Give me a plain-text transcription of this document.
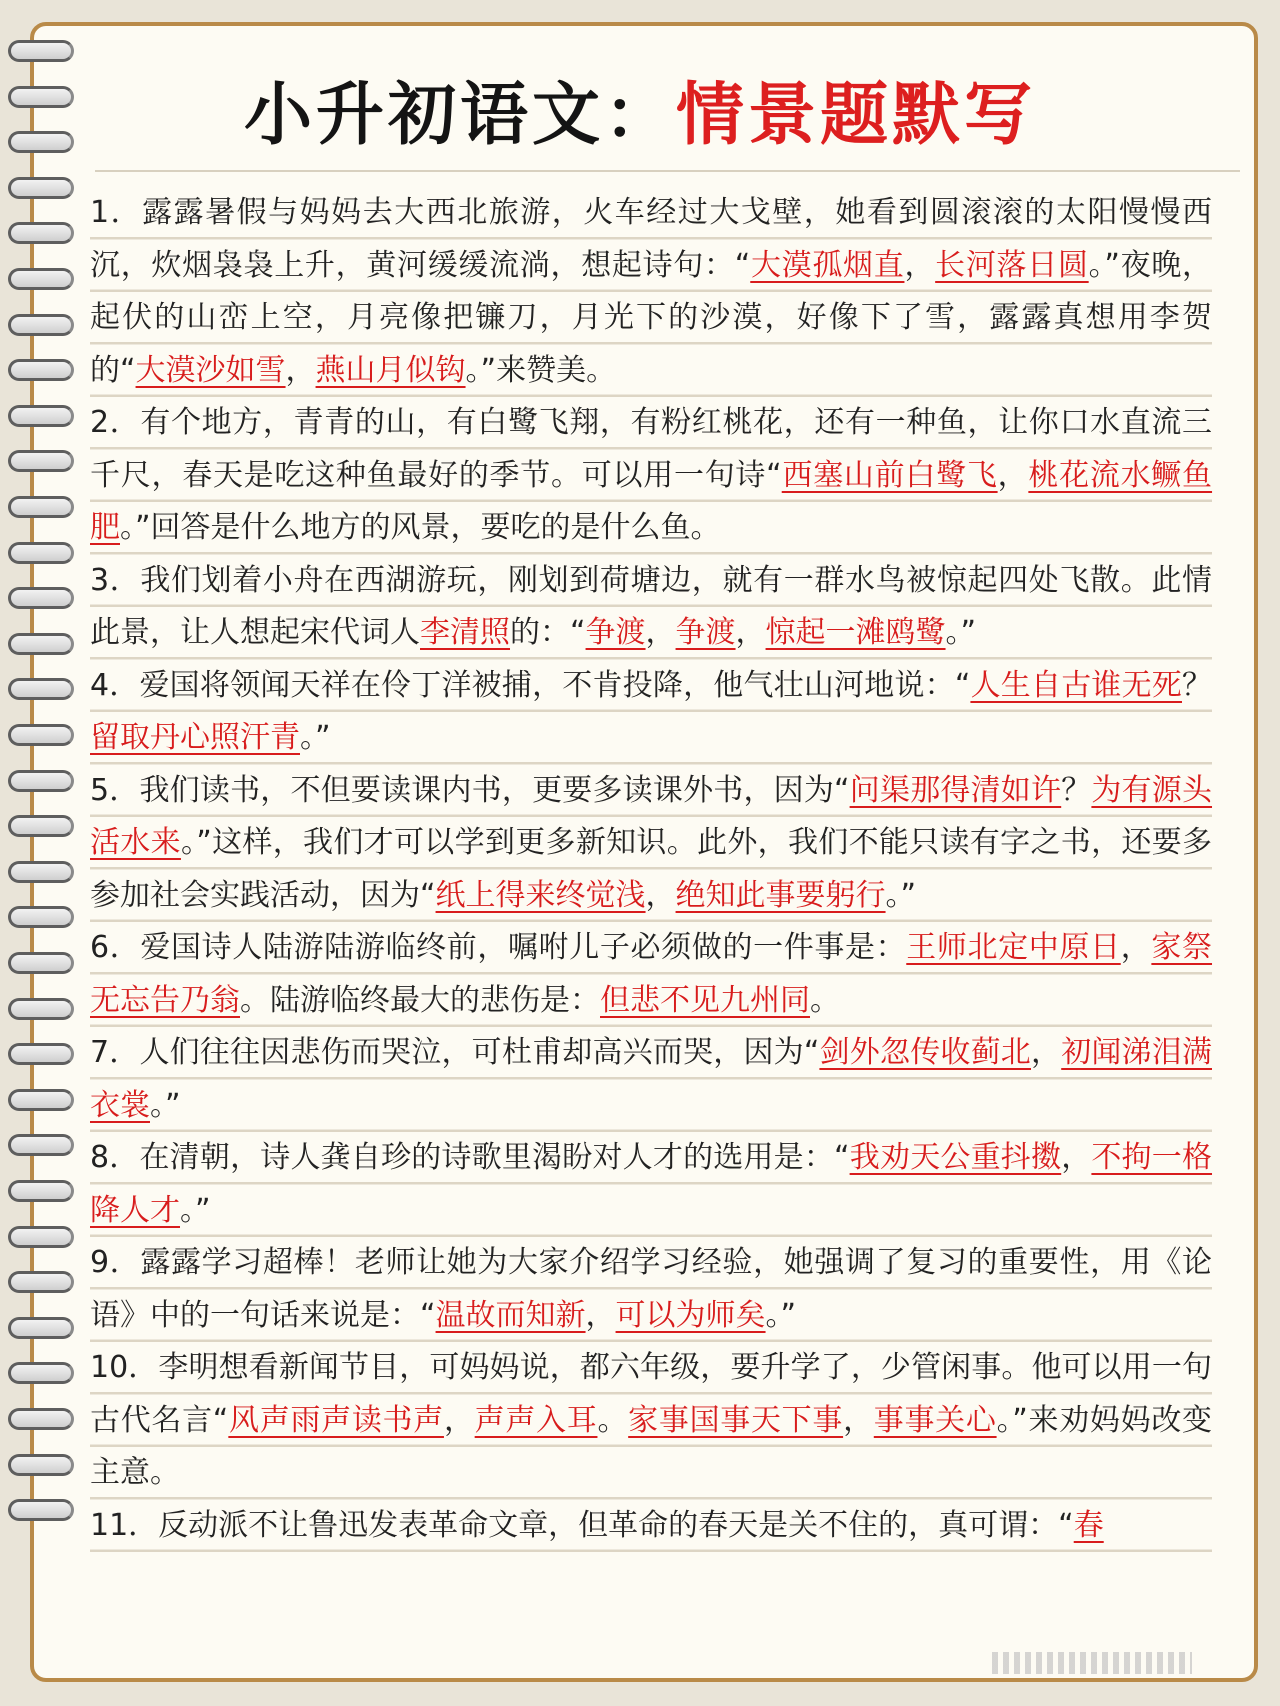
小升初语文：情景题默写

1．露露暑假与妈妈去大西北旅游，火车经过大戈壁，她看到圆滚滚的太阳慢慢西沉，炊烟袅袅上升，黄河缓缓流淌，想起诗句：“大漠孤烟直，长河落日圆。”夜晚，起伏的山峦上空，月亮像把镰刀，月光下的沙漠，好像下了雪，露露真想用李贺的“大漠沙如雪，燕山月似钩。”来赞美。

2．有个地方，青青的山，有白鹭飞翔，有粉红桃花，还有一种鱼，让你口水直流三千尺，春天是吃这种鱼最好的季节。可以用一句诗“西塞山前白鹭飞，桃花流水鳜鱼肥。”回答是什么地方的风景，要吃的是什么鱼。

3．我们划着小舟在西湖游玩，刚划到荷塘边，就有一群水鸟被惊起四处飞散。此情此景，让人想起宋代词人李清照的：“争渡，争渡，惊起一滩鸥鹭。”

4．爱国将领闻天祥在伶丁洋被捕，不肯投降，他气壮山河地说：“人生自古谁无死？留取丹心照汗青。”

5．我们读书，不但要读课内书，更要多读课外书，因为“问渠那得清如许？为有源头活水来。”这样，我们才可以学到更多新知识。此外，我们不能只读有字之书，还要多参加社会实践活动，因为“纸上得来终觉浅，绝知此事要躬行。”

6．爱国诗人陆游陆游临终前，嘱咐儿子必须做的一件事是：王师北定中原日，家祭无忘告乃翁。陆游临终最大的悲伤是：但悲不见九州同。

7．人们往往因悲伤而哭泣，可杜甫却高兴而哭，因为“剑外忽传收蓟北，初闻涕泪满衣裳。”

8．在清朝，诗人龚自珍的诗歌里渴盼对人才的选用是：“我劝天公重抖擞，不拘一格降人才。”

9．露露学习超棒！老师让她为大家介绍学习经验，她强调了复习的重要性，用《论语》中的一句话来说是：“温故而知新，可以为师矣。”

10．李明想看新闻节目，可妈妈说，都六年级，要升学了，少管闲事。他可以用一句古代名言“风声雨声读书声，声声入耳。家事国事天下事，事事关心。”来劝妈妈改变主意。

11．反动派不让鲁迅发表革命文章，但革命的春天是关不住的，真可谓：“春
